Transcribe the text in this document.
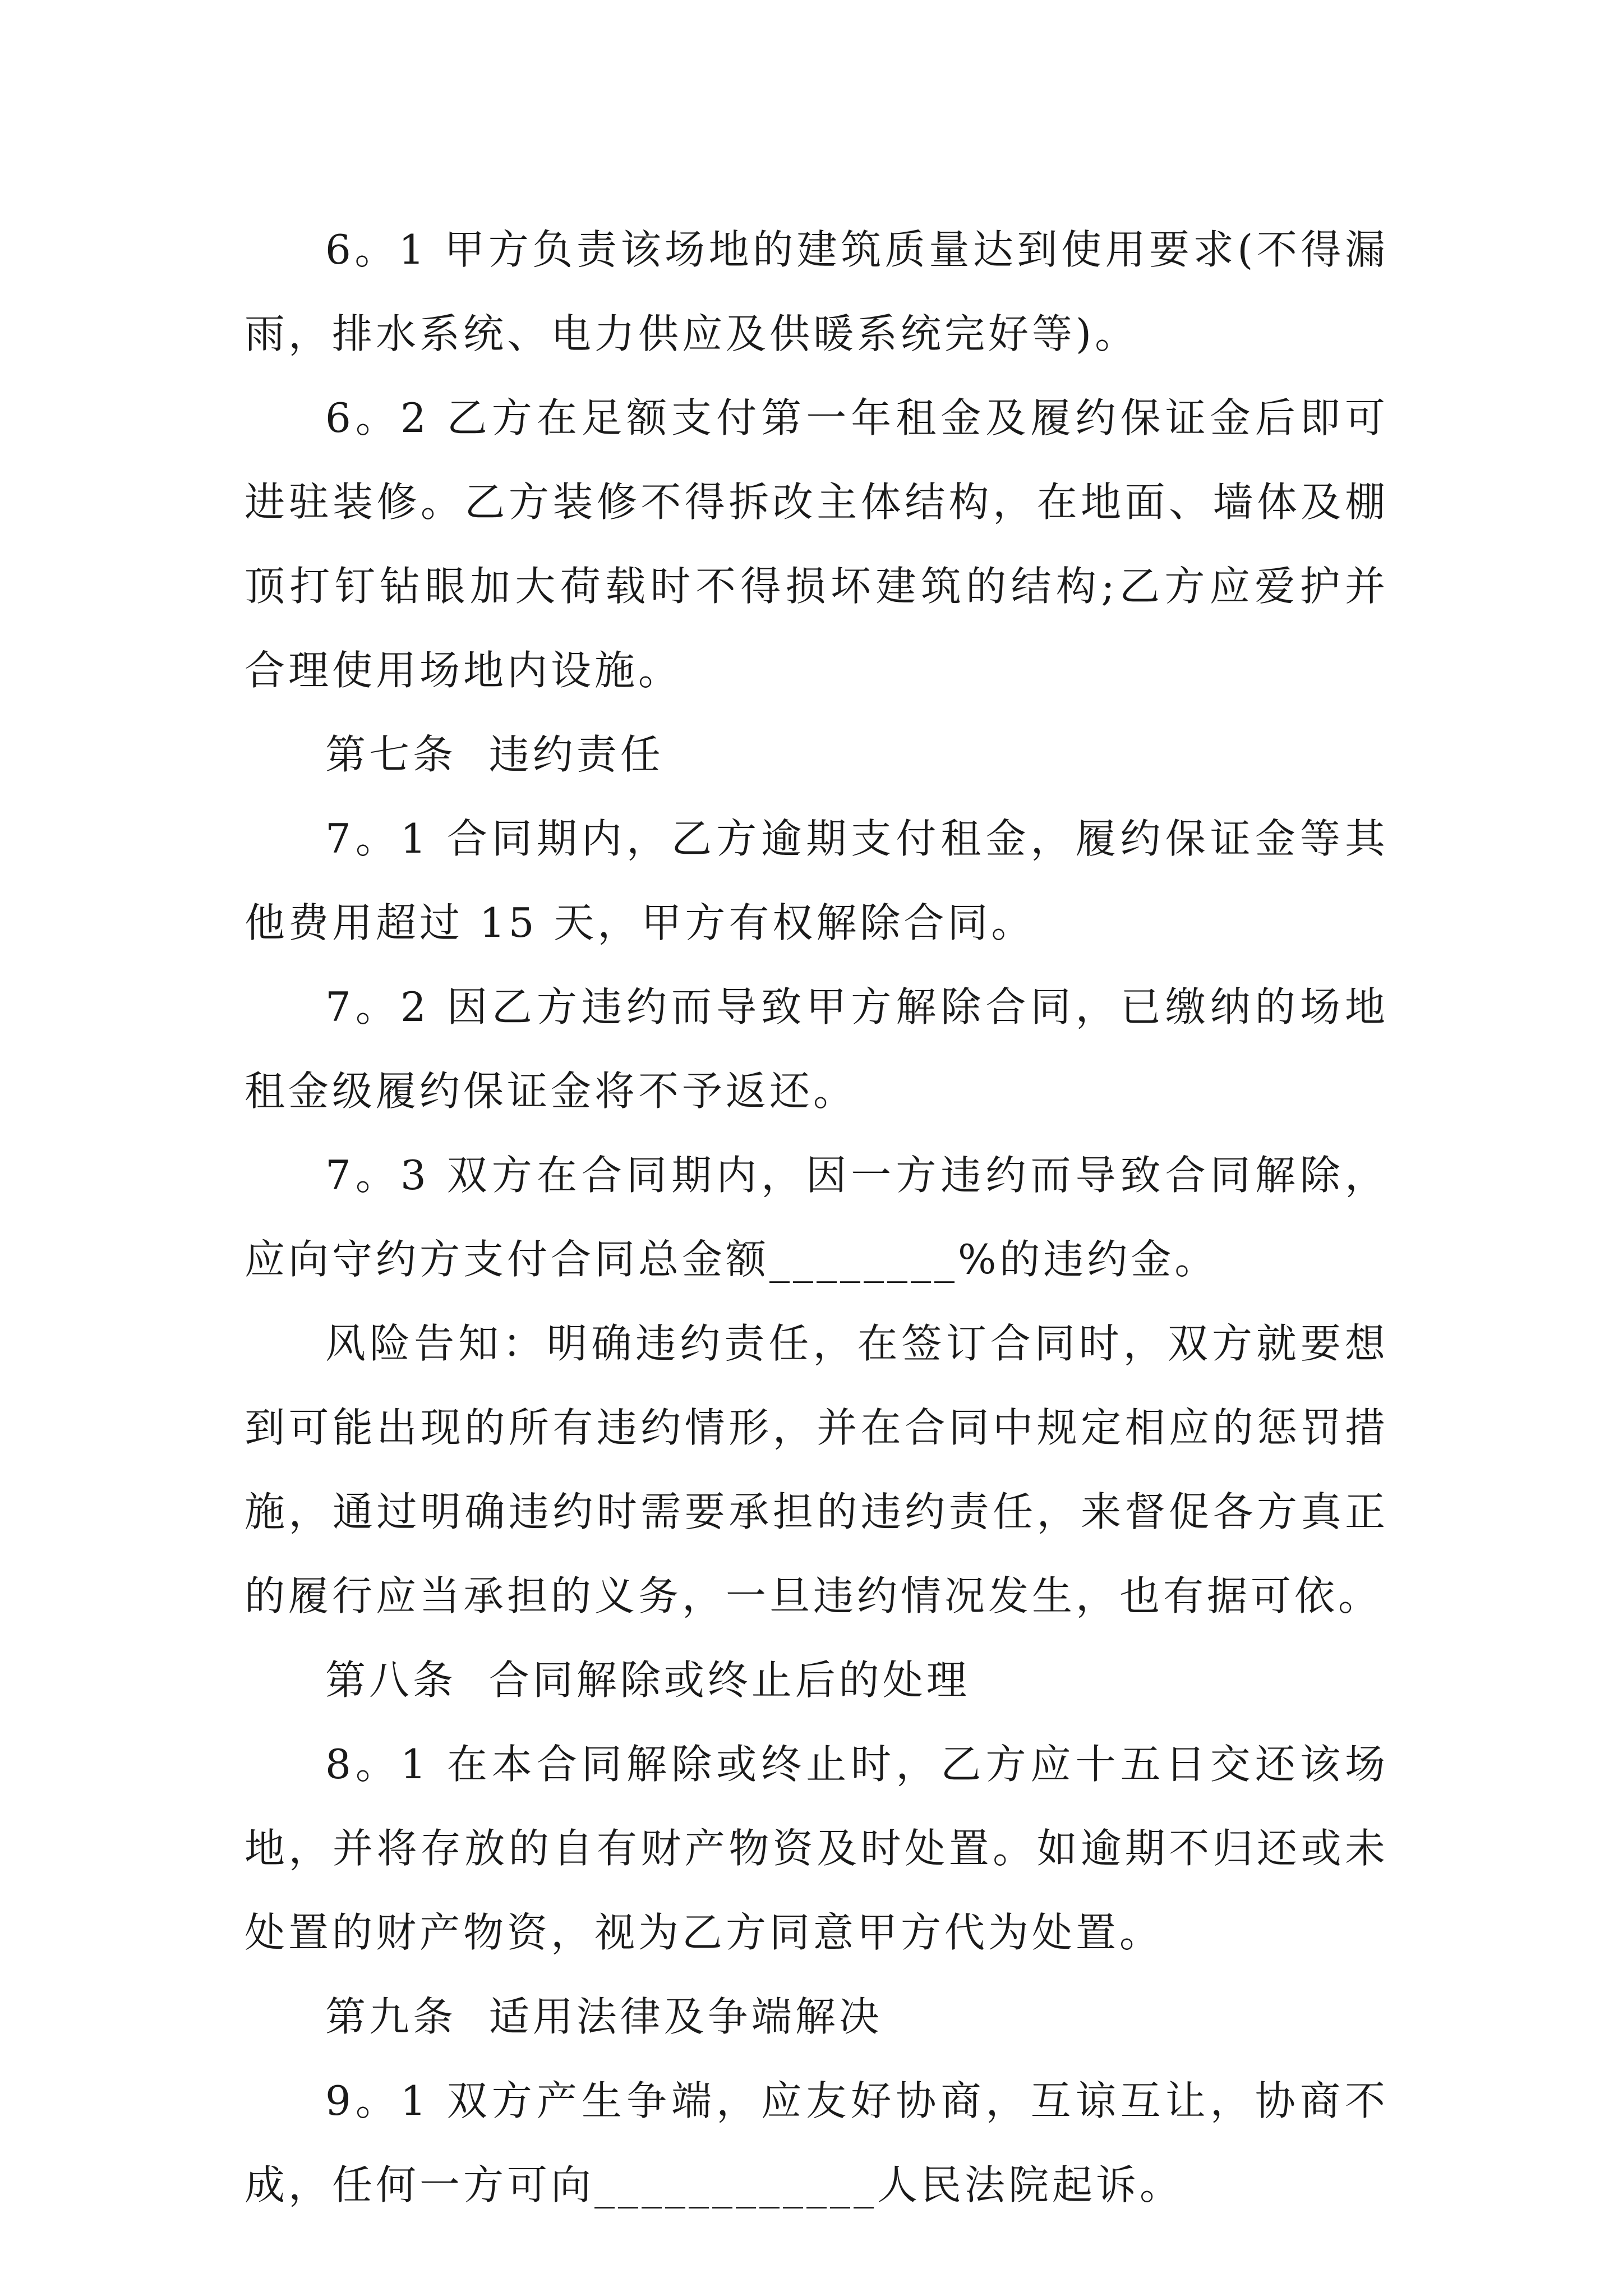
6。1 甲方负责该场地的建筑质量达到使用要求(不得漏雨，排水系统、电力供应及供暖系统完好等)。

6。2 乙方在足额支付第一年租金及履约保证金后即可进驻装修。乙方装修不得拆改主体结构，在地面、墙体及棚顶打钉钻眼加大荷载时不得损坏建筑的结构;乙方应爱护并合理使用场地内设施。

第七条  违约责任

7。1 合同期内，乙方逾期支付租金，履约保证金等其他费用超过 15 天，甲方有权解除合同。

7。2 因乙方违约而导致甲方解除合同，已缴纳的场地租金级履约保证金将不予返还。

7。3 双方在合同期内，因一方违约而导致合同解除，应向守约方支付合同总金额________%的违约金。

风险告知：明确违约责任，在签订合同时，双方就要想到可能出现的所有违约情形，并在合同中规定相应的惩罚措施，通过明确违约时需要承担的违约责任，来督促各方真正的履行应当承担的义务，一旦违约情况发生，也有据可依。

第八条  合同解除或终止后的处理

8。1 在本合同解除或终止时，乙方应十五日交还该场地，并将存放的自有财产物资及时处置。如逾期不归还或未处置的财产物资，视为乙方同意甲方代为处置。

第九条  适用法律及争端解决

9。1 双方产生争端，应友好协商，互谅互让，协商不成，任何一方可向____________人民法院起诉。
